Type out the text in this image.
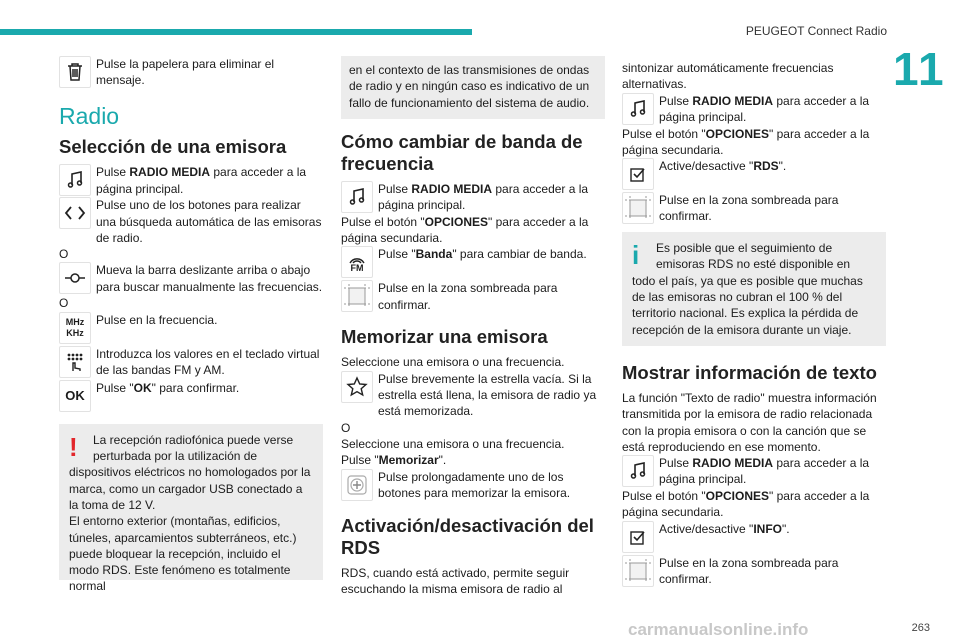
PEUGEOT Connect Radio
11

Pulse la papelera para eliminar el mensaje.

Radio
Selección de una emisora
Pulse RADIO MEDIA para acceder a la página principal.
Pulse uno de los botones para realizar una búsqueda automática de las emisoras de radio.

O

Mueva la barra deslizante arriba o abajo para buscar manualmente las frecuencias.

O

MHz
KHz

Pulse en la frecuencia.

Introduzca los valores en el teclado virtual de las bandas FM y AM.

OK Pulse "OK" para confirmar.

!	La recepción radiofónica puede verse perturbada por la utilización de dispositivos eléctricos no homologados por la marca, como un cargador USB conectado a la toma de 12 V.

El entorno exterior (montañas, edificios, túneles, aparcamientos subterráneos, etc.) puede bloquear la recepción, incluido el modo RDS. Este fenómeno es totalmente normal

en el contexto de las transmisiones de ondas de radio y en ningún caso es indicativo de un fallo de funcionamiento del sistema de audio.

Cómo cambiar de banda de frecuencia
Pulse RADIO MEDIA para acceder a la página principal.

Pulse el botón "OPCIONES" para acceder a la página secundaria.

FM

Pulse "Banda" para cambiar de banda.

Pulse en la zona sombreada para confirmar.

Memorizar una emisora

Seleccione una emisora o una frecuencia.

Pulse brevemente la estrella vacía. Si la estrella está llena, la emisora de radio ya está memorizada.

O

Seleccione una emisora o una frecuencia.

Pulse "Memorizar".

Pulse prolongadamente uno de los botones para memorizar la emisora.

Activación/desactivación del RDS

RDS, cuando está activado, permite seguir escuchando la misma emisora de radio al

sintonizar automáticamente frecuencias alternativas.

Pulse RADIO MEDIA para acceder a la página principal.

Pulse el botón "OPCIONES" para acceder a la página secundaria.

Active/desactive "RDS".

Pulse en la zona sombreada para confirmar.

i	Es posible que el seguimiento de emisoras RDS no esté disponible en todo el país, ya que es posible que muchas de las emisoras no cubran el 100 % del territorio nacional. Es explica la pérdida de recepción de la emisora durante un viaje.

Mostrar información de texto

La función "Texto de radio" muestra información transmitida por la emisora de radio relacionada con la propia emisora o con la canción que se está reproduciendo en ese momento.

Pulse RADIO MEDIA para acceder a la página principal.

Pulse el botón "OPCIONES" para acceder a la página secundaria.

Active/desactive "INFO".

Pulse en la zona sombreada para confirmar.

carmanualsonline.info	263
